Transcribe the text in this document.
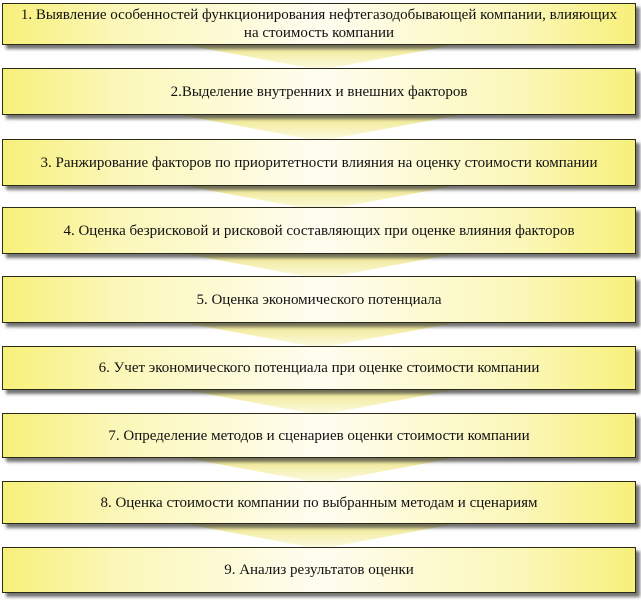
1. Выявление особенностей функционирования нефтегазодобывающей компании, влияющих на стоимость компании
2.Выделение внутренних и внешних факторов
3. Ранжирование факторов по приоритетности влияния на оценку стоимости компании
4. Оценка безрисковой и рисковой составляющих при оценке влияния факторов
5. Оценка экономического потенциала
6. Учет экономического потенциала при оценке стоимости компании
7. Определение методов и сценариев оценки стоимости компании
8. Оценка стоимости компании по выбранным методам и сценариям
9. Анализ результатов оценки
